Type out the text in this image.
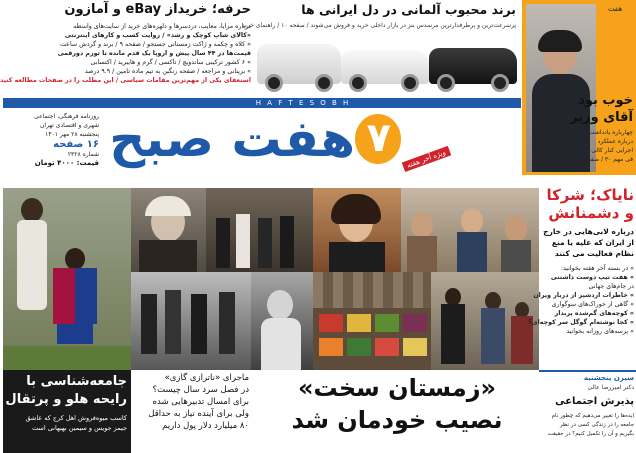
هفت
خوب بود
آقای وزیر
چهارباره یادداشت
درباره عملکرد
اجرایی کنار کالی
قی مهم ۳۰ / صفحه
برند محبوب آلمانی در دل ایرانی ها
پرسرعت‌ترین و پرطرفدارترین مرسدس بنز در بازار داخلی خرید و فروش می‌شوند / صفحه ۱۰ / راهنمای خرید
حرفه؛ خریداز eBay و آمازون
درباره مزایا، معایب، دردسرها و دلهره‌های خرید از سایت‌های واسطه
«کالای شاپ کوچک و رشد» / روایت کسب و کارهای اینترنتی
» کلاه و چکمه و ژاکت زمستانی جستجو / صفحه ۹ / برند و گردش ساعت
قیمت‌ها در ۴۴ سال پیش و اروپا یک قدم مانده تا تورم دورقمی
» ۶ کشور ترکیبی ساندویچ / تاکسی / گرم و هایبرید / اکتسابی
» بریتانی و مراجعه / صفحه رنگین به تیم ماده تامین / ۹.۹ درصد
استعفای یکی از مهم‌ترین مقامات سیاسی / این مطلب را در صفحات مطالعه کنید
H A F T E S O B H
هفت صبح ۷	ویژه آخر هفته
روزنامه فرهنگی، اجتماعی
شهری و اقتصادی تهران
پنجشنبه ۲۸ مهر ۱۴۰۱
۱۶ صفحه
شماره ۲۳۲۸
قیمت: ۴۰۰۰ تومان
نایاک؛ شرکا
و دشمنانش
درباره لابی‌هایی در خارج
از ایران که علیه یا منع
نظام فعالیت می کنند
» در بسته آخر هفته بخوانید:
» هفت تیپ دوست داشتنی
در جام‌های جهانی
» خاطرات اردشیر از دربار ویران
» گاهی از خوراک‌های سوگواری
» کوچه‌های گم‌شده پربدار
» کجا نوشته‌ام گوگل سر کوچه‌ای؟
» پرسه‌های روزانه بخوانید
جامعه‌شناسی با
رایحه هلو و پرتقال
کاسب میوه‌فروش اهل کرج که عاشق
جیمز جویس و سیمین بهبهانی است
ماجرای «ناترازی گازی»
در فصل سرد سال چیست؟
برای امسال تدبیرهایی شده
ولی برای آینده نیاز به حداقل
۸۰ میلیارد دلار پول داریم
«زمستان سخت»
نصیب خودمان شد
سیرن پنجشنبه
دکتر امیررضا عالی
پذیرش اجتماعی
ایده‌ها را تغییر می‌دهیم که چطور نام
جامعه را در زندگی کسی در نظر
بگیریم و آن را تکمیل کنیم؟ در حقیقت
